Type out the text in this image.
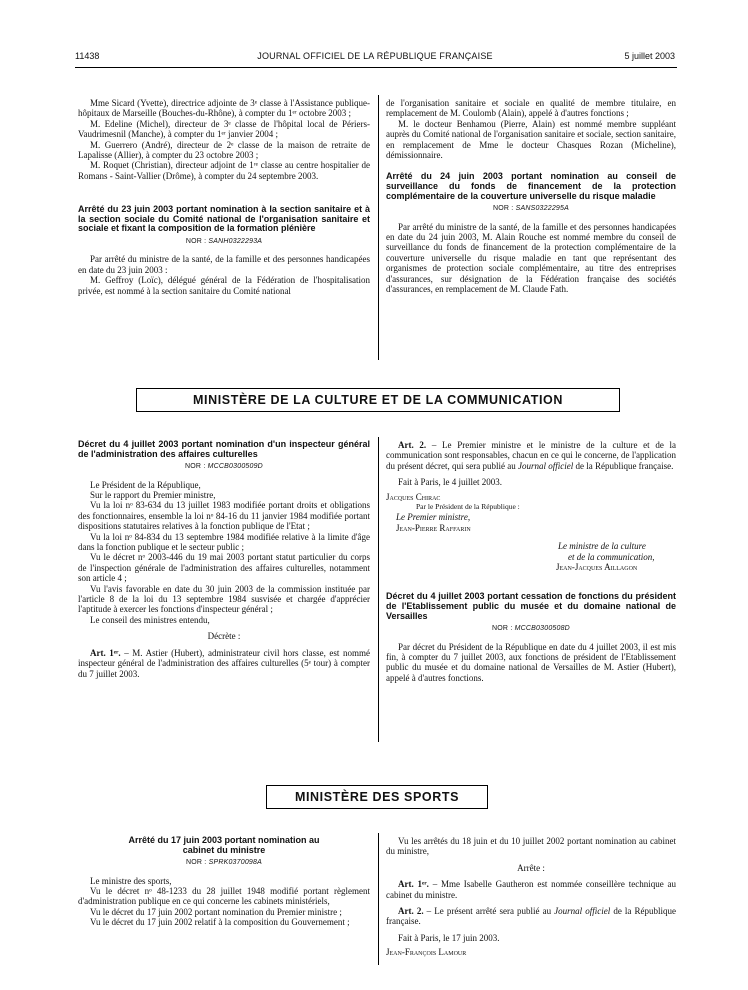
11438	JOURNAL OFFICIEL DE LA RÉPUBLIQUE FRANÇAISE	5 juillet 2003

Mme Sicard (Yvette), directrice adjointe de 3ᵉ classe à l'Assistance publique-hôpitaux de Marseille (Bouches-du-Rhône), à compter du 1ᵉʳ octobre 2003 ;

M. Edeline (Michel), directeur de 3ᵉ classe de l'hôpital local de Périers-Vaudrimesnil (Manche), à compter du 1ᵉʳ janvier 2004 ;

M. Guerrero (André), directeur de 2ᵉ classe de la maison de retraite de Lapalisse (Allier), à compter du 23 octobre 2003 ;

M. Roquet (Christian), directeur adjoint de 1ʳᵉ classe au centre hospitalier de Romans - Saint-Vallier (Drôme), à compter du 24 septembre 2003.

Arrêté du 23 juin 2003 portant nomination à la section sanitaire et à la section sociale du Comité national de l'organisation sanitaire et sociale et fixant la composition de la formation plénière
NOR : SANH0322293A

Par arrêté du ministre de la santé, de la famille et des personnes handicapées en date du 23 juin 2003 :

M. Geffroy (Loïc), délégué général de la Fédération de l'hospitalisation privée, est nommé à la section sanitaire du Comité national

de l'organisation sanitaire et sociale en qualité de membre titulaire, en remplacement de M. Coulomb (Alain), appelé à d'autres fonctions ;

M. le docteur Benhamou (Pierre, Alain) est nommé membre suppléant auprès du Comité national de l'organisation sanitaire et sociale, section sanitaire, en remplacement de Mme le docteur Chasques Rozan (Micheline), démissionnaire.

Arrêté du 24 juin 2003 portant nomination au conseil de surveillance du fonds de financement de la protection complémentaire de la couverture universelle du risque maladie
NOR : SANS0322295A

Par arrêté du ministre de la santé, de la famille et des personnes handicapées en date du 24 juin 2003, M. Alain Rouche est nommé membre du conseil de surveillance du fonds de financement de la protection complémentaire de la couverture universelle du risque maladie en tant que représentant des organismes de protection sociale complémentaire, au titre des entreprises d'assurances, sur désignation de la Fédération française des sociétés d'assurances, en remplacement de M. Claude Fath.

MINISTÈRE DE LA CULTURE ET DE LA COMMUNICATION
Décret du 4 juillet 2003 portant nomination d'un inspecteur général de l'administration des affaires culturelles
NOR : MCCB0300509D

Le Président de la République,

Sur le rapport du Premier ministre,

Vu la loi nᵒ 83-634 du 13 juillet 1983 modifiée portant droits et obligations des fonctionnaires, ensemble la loi nᵒ 84-16 du 11 janvier 1984 modifiée portant dispositions statutaires relatives à la fonction publique de l'Etat ;

Vu la loi nᵒ 84-834 du 13 septembre 1984 modifiée relative à la limite d'âge dans la fonction publique et le secteur public ;

Vu le décret nᵒ 2003-446 du 19 mai 2003 portant statut particulier du corps de l'inspection générale de l'administration des affaires culturelles, notamment son article 4 ;

Vu l'avis favorable en date du 30 juin 2003 de la commission instituée par l'article 8 de la loi du 13 septembre 1984 susvisée et chargée d'apprécier l'aptitude à exercer les fonctions d'inspecteur général ;

Le conseil des ministres entendu,

Décrète :

Art. 1ᵉʳ. – M. Astier (Hubert), administrateur civil hors classe, est nommé inspecteur général de l'administration des affaires culturelles (5ᵉ tour) à compter du 7 juillet 2003.

Art. 2. – Le Premier ministre et le ministre de la culture et de la communication sont responsables, chacun en ce qui le concerne, de l'application du présent décret, qui sera publié au Journal officiel de la République française.

Fait à Paris, le 4 juillet 2003.

Jacques Chirac

Par le Président de la République :

Le Premier ministre,

Jean-Pierre Raffarin

Le ministre de la culture

et de la communication,

Jean-Jacques Aillagon

Décret du 4 juillet 2003 portant cessation de fonctions du président de l'Etablissement public du musée et du domaine national de Versailles
NOR : MCCB0300508D

Par décret du Président de la République en date du 4 juillet 2003, il est mis fin, à compter du 7 juillet 2003, aux fonctions de président de l'Etablissement public du musée et du domaine national de Versailles de M. Astier (Hubert), appelé à d'autres fonctions.

MINISTÈRE DES SPORTS
Arrêté du 17 juin 2003 portant nomination au cabinet du ministre
NOR : SPRK0370098A

Le ministre des sports,

Vu le décret nᵒ 48-1233 du 28 juillet 1948 modifié portant règlement d'administration publique en ce qui concerne les cabinets ministériels,

Vu le décret du 17 juin 2002 portant nomination du Premier ministre ;

Vu le décret du 17 juin 2002 relatif à la composition du Gouvernement ;

Vu les arrêtés du 18 juin et du 10 juillet 2002 portant nomination au cabinet du ministre,

Arrête :

Art. 1ᵉʳ. – Mme Isabelle Gautheron est nommée conseillère technique au cabinet du ministre.

Art. 2. – Le présent arrêté sera publié au Journal officiel de la République française.

Fait à Paris, le 17 juin 2003.

Jean-François Lamour
